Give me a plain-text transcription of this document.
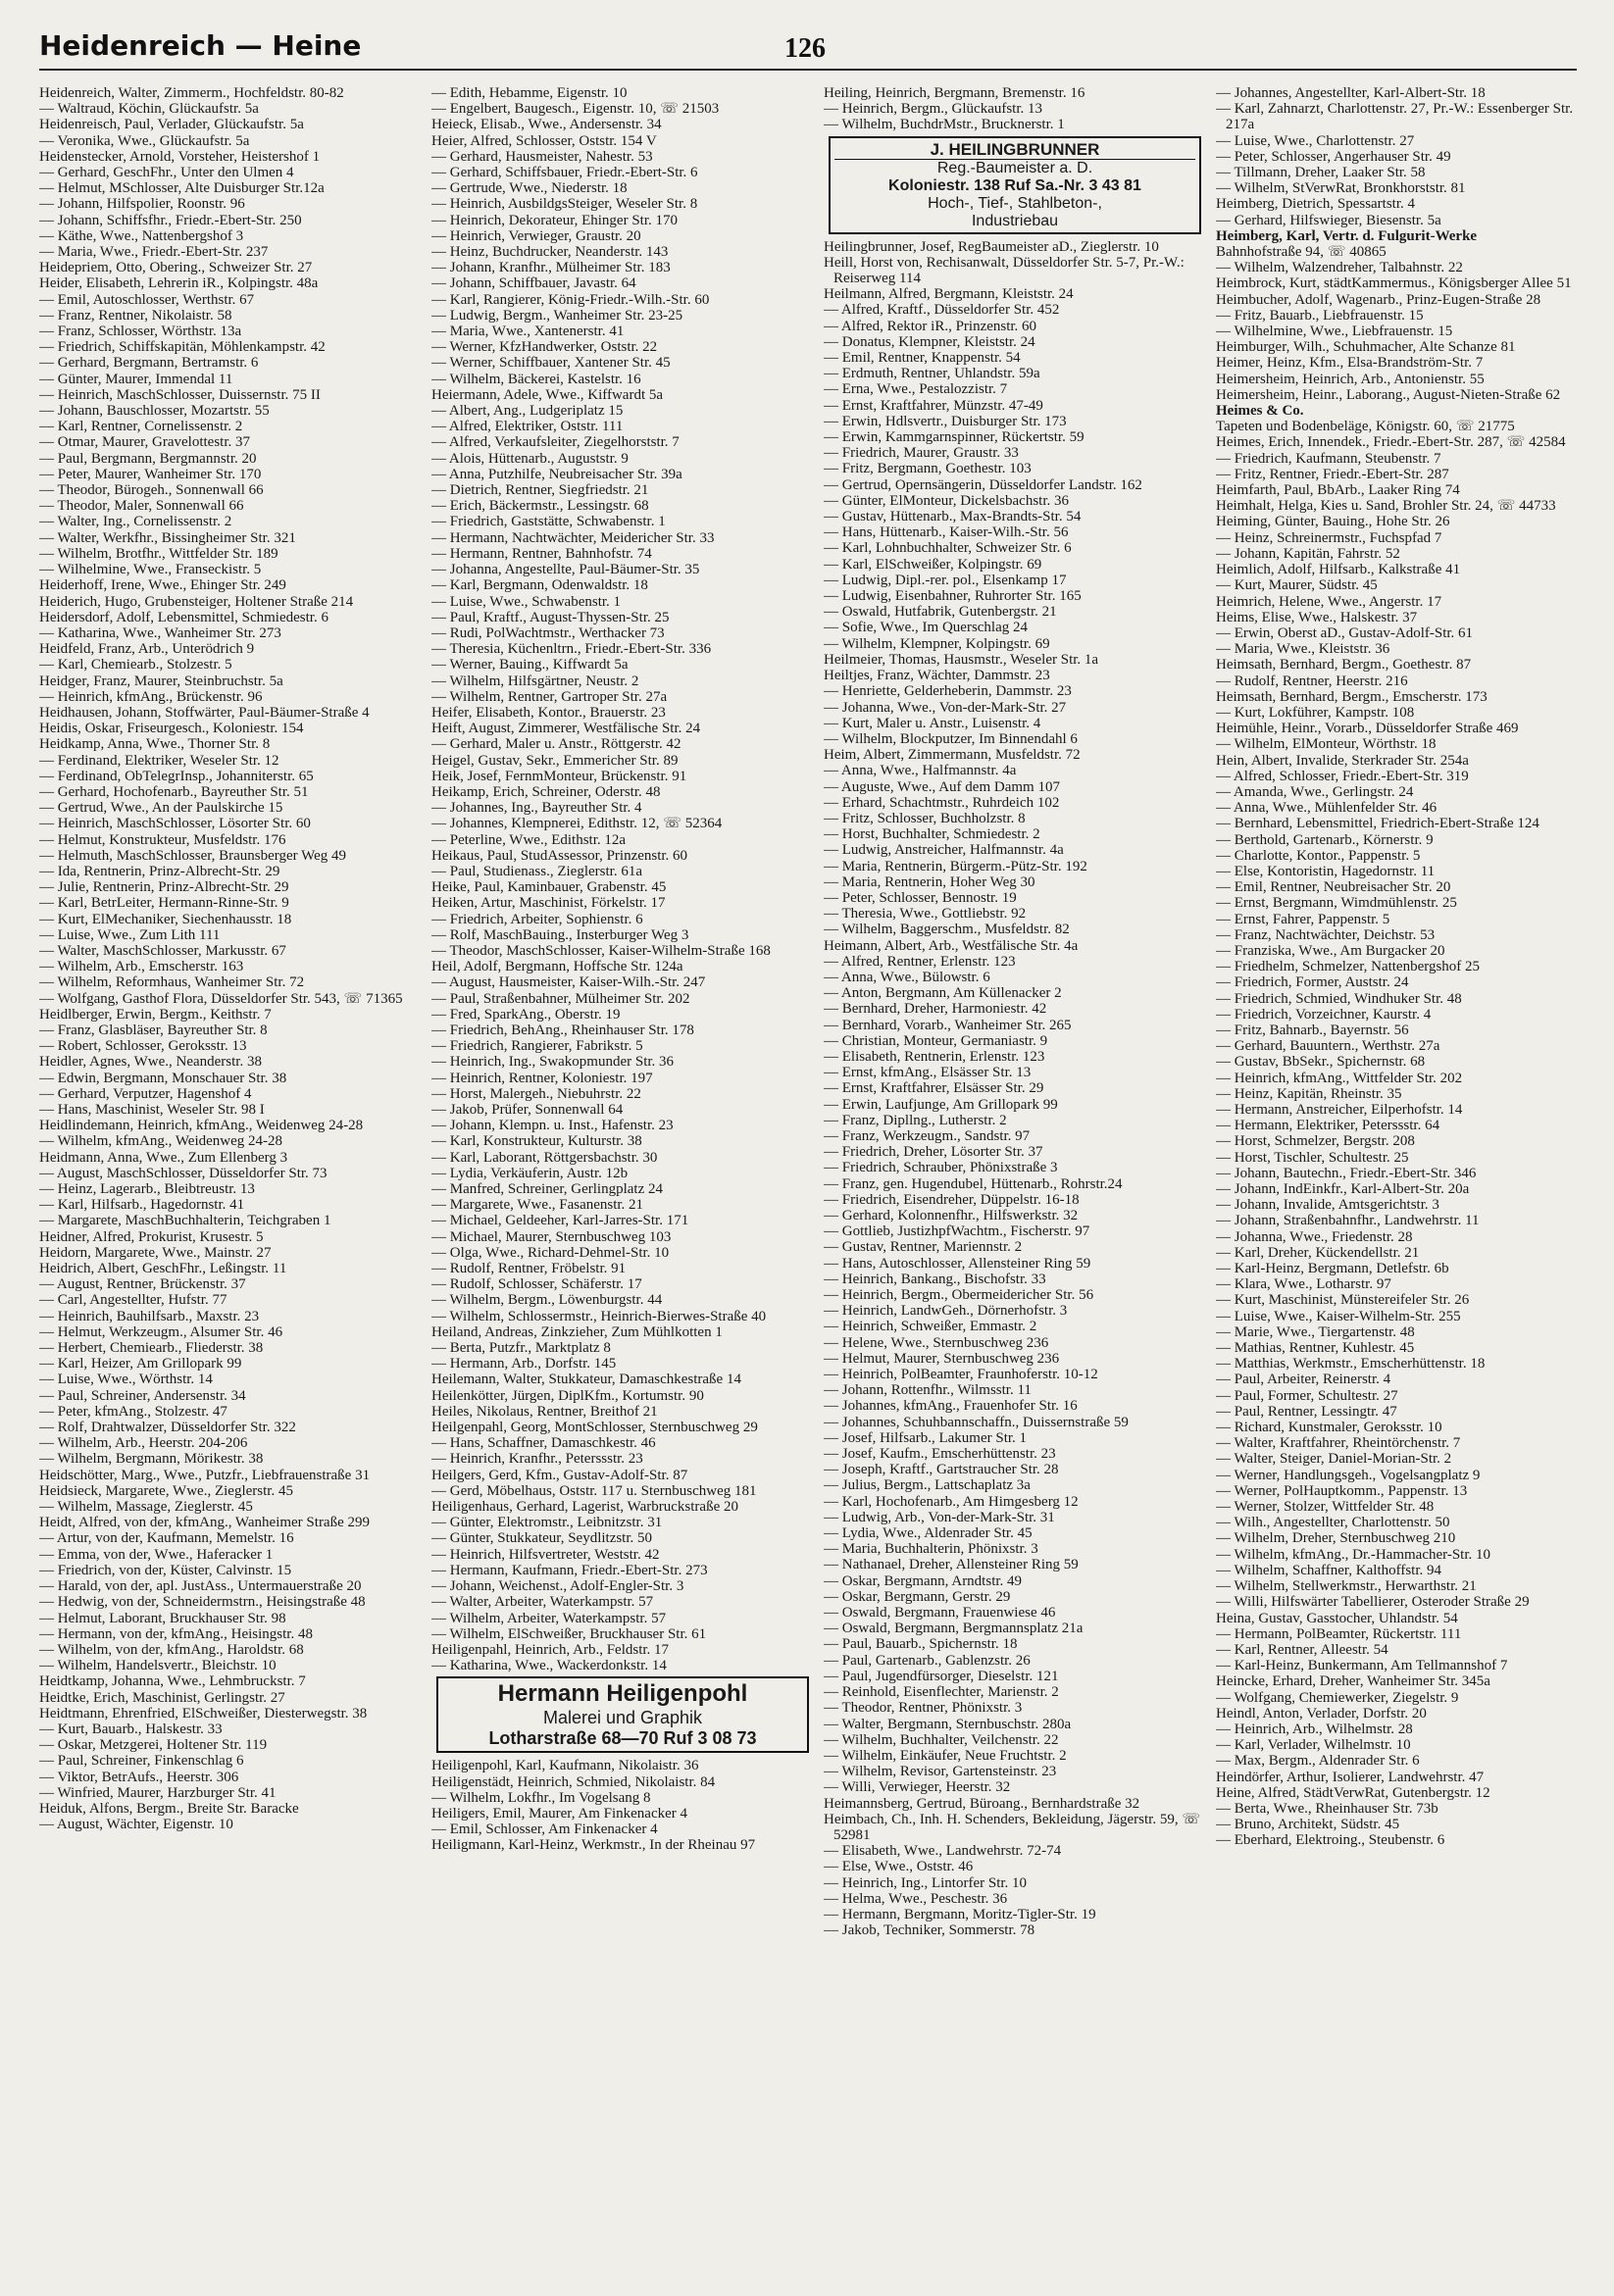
Heidenreich — Heine	126
Heidenreich, Walter, Zimmerm., Hochfeldstr. 80-82
— Waltraud, Köchin, Glückaufstr. 5a
Heidenreisch, Paul, Verlader, Glückaufstr. 5a
— Veronika, Wwe., Glückaufstr. 5a
Heidenstecker, Arnold, Vorsteher, Heistershof 1
— Gerhard, GeschFhr., Unter den Ulmen 4
— Helmut, MSchlosser, Alte Duisburger Str.12a
— Johann, Hilfspolier, Roonstr. 96
— Johann, Schiffsfhr., Friedr.-Ebert-Str. 250
— Käthe, Wwe., Nattenbergshof 3
— Maria, Wwe., Friedr.-Ebert-Str. 237
Heidepriem, Otto, Obering., Schweizer Str. 27
Heider, Elisabeth, Lehrerin iR., Kolpingstr. 48a
— Emil, Autoschlosser, Werthstr. 67
— Franz, Rentner, Nikolaistr. 58
— Franz, Schlosser, Wörthstr. 13a
— Friedrich, Schiffskapitän, Möhlenkampstr. 42
— Gerhard, Bergmann, Bertramstr. 6
— Günter, Maurer, Immendal 11
— Heinrich, MaschSchlosser, Duissernstr. 75 II
— Johann, Bauschlosser, Mozartstr. 55
— Karl, Rentner, Cornelissenstr. 2
— Otmar, Maurer, Gravelottestr. 37
— Paul, Bergmann, Bergmannstr. 20
— Peter, Maurer, Wanheimer Str. 170
— Theodor, Bürogeh., Sonnenwall 66
— Theodor, Maler, Sonnenwall 66
— Walter, Ing., Cornelissenstr. 2
— Walter, Werkfhr., Bissingheimer Str. 321
— Wilhelm, Brotfhr., Wittfelder Str. 189
— Wilhelmine, Wwe., Franseckistr. 5
Heiderhoff, Irene, Wwe., Ehinger Str. 249
Heiderich, Hugo, Grubensteiger, Holtener Straße 214
Heidersdorf, Adolf, Lebensmittel, Schmiedestr. 6
— Katharina, Wwe., Wanheimer Str. 273
Heidfeld, Franz, Arb., Unterödrich 9
— Karl, Chemiearb., Stolzestr. 5
Heidger, Franz, Maurer, Steinbruchstr. 5a
— Heinrich, kfmAng., Brückenstr. 96
Heidhausen, Johann, Stoffwärter, Paul-Bäumer-Straße 4
Heidis, Oskar, Friseurgesch., Koloniestr. 154
Heidkamp, Anna, Wwe., Thorner Str. 8
— Ferdinand, Elektriker, Weseler Str. 12
— Ferdinand, ObTelegrInsp., Johanniterstr. 65
— Gerhard, Hochofenarb., Bayreuther Str. 51
— Gertrud, Wwe., An der Paulskirche 15
— Heinrich, MaschSchlosser, Lösorter Str. 60
— Helmut, Konstrukteur, Musfeldstr. 176
— Helmuth, MaschSchlosser, Braunsberger Weg 49
— Ida, Rentnerin, Prinz-Albrecht-Str. 29
— Julie, Rentnerin, Prinz-Albrecht-Str. 29
— Karl, BetrLeiter, Hermann-Rinne-Str. 9
— Kurt, ElMechaniker, Siechenhausstr. 18
— Luise, Wwe., Zum Lith 111
— Walter, MaschSchlosser, Markusstr. 67
— Wilhelm, Arb., Emscherstr. 163
— Wilhelm, Reformhaus, Wanheimer Str. 72
— Wolfgang, Gasthof Flora, Düsseldorfer Str. 543, ☏ 71365
Heidlberger, Erwin, Bergm., Keithstr. 7
— Franz, Glasbläser, Bayreuther Str. 8
— Robert, Schlosser, Geroksstr. 13
Heidler, Agnes, Wwe., Neanderstr. 38
— Edwin, Bergmann, Monschauer Str. 38
— Gerhard, Verputzer, Hagenshof 4
— Hans, Maschinist, Weseler Str. 98 I
Heidlindemann, Heinrich, kfmAng., Weidenweg 24-28
— Wilhelm, kfmAng., Weidenweg 24-28
Heidmann, Anna, Wwe., Zum Ellenberg 3
— August, MaschSchlosser, Düsseldorfer Str. 73
— Heinz, Lagerarb., Bleibtreustr. 13
— Karl, Hilfsarb., Hagedornstr. 41
— Margarete, MaschBuchhalterin, Teichgraben 1
Heidner, Alfred, Prokurist, Krusestr. 5
Heidorn, Margarete, Wwe., Mainstr. 27
Heidrich, Albert, GeschFhr., Leßingstr. 11
— August, Rentner, Brückenstr. 37
— Carl, Angestellter, Hufstr. 77
— Heinrich, Bauhilfsarb., Maxstr. 23
— Helmut, Werkzeugm., Alsumer Str. 46
— Herbert, Chemiearb., Fliederstr. 38
— Karl, Heizer, Am Grillopark 99
— Luise, Wwe., Wörthstr. 14
— Paul, Schreiner, Andersenstr. 34
— Peter, kfmAng., Stolzestr. 47
— Rolf, Drahtwalzer, Düsseldorfer Str. 322
— Wilhelm, Arb., Heerstr. 204-206
— Wilhelm, Bergmann, Mörikestr. 38
Heidschötter, Marg., Wwe., Putzfr., Liebfrauenstraße 31
Heidsieck, Margarete, Wwe., Zieglerstr. 45
— Wilhelm, Massage, Zieglerstr. 45
Heidt, Alfred, von der, kfmAng., Wanheimer Straße 299
— Artur, von der, Kaufmann, Memelstr. 16
— Emma, von der, Wwe., Haferacker 1
— Friedrich, von der, Küster, Calvinstr. 15
— Harald, von der, apl. JustAss., Untermauerstraße 20
— Hedwig, von der, Schneidermstrn., Heisingstraße 48
— Helmut, Laborant, Bruckhauser Str. 98
— Hermann, von der, kfmAng., Heisingstr. 48
— Wilhelm, von der, kfmAng., Haroldstr. 68
— Wilhelm, Handelsvertr., Bleichstr. 10
Heidtkamp, Johanna, Wwe., Lehmbruckstr. 7
Heidtke, Erich, Maschinist, Gerlingstr. 27
Heidtmann, Ehrenfried, ElSchweißer, Diesterwegstr. 38
— Kurt, Bauarb., Halskestr. 33
— Oskar, Metzgerei, Holtener Str. 119
— Paul, Schreiner, Finkenschlag 6
— Viktor, BetrAufs., Heerstr. 306
— Winfried, Maurer, Harzburger Str. 41
Heiduk, Alfons, Bergm., Breite Str. Baracke
— August, Wächter, Eigenstr. 10
— Edith, Hebamme, Eigenstr. 10
— Engelbert, Baugesch., Eigenstr. 10, ☏ 21503
Heieck, Elisab., Wwe., Andersenstr. 34
Heier, Alfred, Schlosser, Oststr. 154 V
— Gerhard, Hausmeister, Nahestr. 53
— Gerhard, Schiffsbauer, Friedr.-Ebert-Str. 6
— Gertrude, Wwe., Niederstr. 18
— Heinrich, AusbildgsSteiger, Weseler Str. 8
— Heinrich, Dekorateur, Ehinger Str. 170
— Heinrich, Verwieger, Graustr. 20
— Heinz, Buchdrucker, Neanderstr. 143
— Johann, Kranfhr., Mülheimer Str. 183
— Johann, Schiffbauer, Javastr. 64
— Karl, Rangierer, König-Friedr.-Wilh.-Str. 60
— Ludwig, Bergm., Wanheimer Str. 23-25
— Maria, Wwe., Xantenerstr. 41
— Werner, KfzHandwerker, Oststr. 22
— Werner, Schiffbauer, Xantener Str. 45
— Wilhelm, Bäckerei, Kastelstr. 16
Heiermann, Adele, Wwe., Kiffwardt 5a
— Albert, Ang., Ludgeriplatz 15
— Alfred, Elektriker, Oststr. 111
— Alfred, Verkaufsleiter, Ziegelhorststr. 7
— Alois, Hüttenarb., Auguststr. 9
— Anna, Putzhilfe, Neubreisacher Str. 39a
— Dietrich, Rentner, Siegfriedstr. 21
— Erich, Bäckermstr., Lessingstr. 68
— Friedrich, Gaststätte, Schwabenstr. 1
— Hermann, Nachtwächter, Meidericher Str. 33
— Hermann, Rentner, Bahnhofstr. 74
— Johanna, Angestellte, Paul-Bäumer-Str. 35
— Karl, Bergmann, Odenwaldstr. 18
— Luise, Wwe., Schwabenstr. 1
— Paul, Kraftf., August-Thyssen-Str. 25
— Rudi, PolWachtmstr., Werthacker 73
— Theresia, Küchenltrn., Friedr.-Ebert-Str. 336
— Werner, Bauing., Kiffwardt 5a
— Wilhelm, Hilfsgärtner, Neustr. 2
— Wilhelm, Rentner, Gartroper Str. 27a
Heifer, Elisabeth, Kontor., Brauerstr. 23
Heift, August, Zimmerer, Westfälische Str. 24
— Gerhard, Maler u. Anstr., Röttgerstr. 42
Heigel, Gustav, Sekr., Emmericher Str. 89
Heik, Josef, FernmMonteur, Brückenstr. 91
Heikamp, Erich, Schreiner, Oderstr. 48
— Johannes, Ing., Bayreuther Str. 4
— Johannes, Klempnerei, Edithstr. 12, ☏ 52364
— Peterline, Wwe., Edithstr. 12a
Heikaus, Paul, StudAssessor, Prinzenstr. 60
— Paul, Studienass., Zieglerstr. 61a
Heike, Paul, Kaminbauer, Grabenstr. 45
Heiken, Artur, Maschinist, Förkelstr. 17
— Friedrich, Arbeiter, Sophienstr. 6
— Rolf, MaschBauing., Insterburger Weg 3
— Theodor, MaschSchlosser, Kaiser-Wilhelm-Straße 168
Heil, Adolf, Bergmann, Hoffsche Str. 124a
— August, Hausmeister, Kaiser-Wilh.-Str. 247
— Paul, Straßenbahner, Mülheimer Str. 202
— Fred, SparkAng., Oberstr. 19
— Friedrich, BehAng., Rheinhauser Str. 178
— Friedrich, Rangierer, Fabrikstr. 5
— Heinrich, Ing., Swakopmunder Str. 36
— Heinrich, Rentner, Koloniestr. 197
— Horst, Malergeh., Niebuhrstr. 22
— Jakob, Prüfer, Sonnenwall 64
— Johann, Klempn. u. Inst., Hafenstr. 23
— Karl, Konstrukteur, Kulturstr. 38
— Karl, Laborant, Röttgersbachstr. 30
— Lydia, Verkäuferin, Austr. 12b
— Manfred, Schreiner, Gerlingplatz 24
— Margarete, Wwe., Fasanenstr. 21
— Michael, Geldeeher, Karl-Jarres-Str. 171
— Michael, Maurer, Sternbuschweg 103
— Olga, Wwe., Richard-Dehmel-Str. 10
— Rudolf, Rentner, Fröbelstr. 91
— Rudolf, Schlosser, Schäferstr. 17
— Wilhelm, Bergm., Löwenburgstr. 44
— Wilhelm, Schlossermstr., Heinrich-Bierwes-Straße 40
Heiland, Andreas, Zinkzieher, Zum Mühlkotten 1
— Berta, Putzfr., Marktplatz 8
— Hermann, Arb., Dorfstr. 145
Heilemann, Walter, Stukkateur, Damaschkestraße 14
Heilenkötter, Jürgen, DiplKfm., Kortumstr. 90
Heiles, Nikolaus, Rentner, Breithof 21
Heilgenpahl, Georg, MontSchlosser, Sternbuschweg 29
— Hans, Schaffner, Damaschkestr. 46
— Heinrich, Kranfhr., Peterssstr. 23
Heilgers, Gerd, Kfm., Gustav-Adolf-Str. 87
— Gerd, Möbelhaus, Oststr. 117 u. Sternbuschweg 181
Heiligenhaus, Gerhard, Lagerist, Warbruckstraße 20
— Günter, Elektromstr., Leibnitzstr. 31
— Günter, Stukkateur, Seydlitzstr. 50
— Heinrich, Hilfsvertreter, Weststr. 42
— Hermann, Kaufmann, Friedr.-Ebert-Str. 273
— Johann, Weichenst., Adolf-Engler-Str. 3
— Walter, Arbeiter, Waterkampstr. 57
— Wilhelm, Arbeiter, Waterkampstr. 57
— Wilhelm, ElSchweißer, Bruckhauser Str. 61
Heiligenpahl, Heinrich, Arb., Feldstr. 17
— Katharina, Wwe., Wackerdonkstr. 14
Hermann Heiligenpohl
Malerei und Graphik
Lotharstraße 68—70 Ruf 3 08 73
Heiligenpohl, Karl, Kaufmann, Nikolaistr. 36
Heiligenstädt, Heinrich, Schmied, Nikolaistr. 84
— Wilhelm, Lokfhr., Im Vogelsang 8
Heiligers, Emil, Maurer, Am Finkenacker 4
— Emil, Schlosser, Am Finkenacker 4
Heiligmann, Karl-Heinz, Werkmstr., In der Rheinau 97
Heiling, Heinrich, Bergmann, Bremenstr. 16
— Heinrich, Bergm., Glückaufstr. 13
— Wilhelm, BuchdrMstr., Brucknerstr. 1
J. HEILINGBRUNNER
Reg.-Baumeister a. D.
Koloniestr. 138 Ruf Sa.-Nr. 3 43 81
Hoch-, Tief-, Stahlbeton-,
Industriebau
Heilingbrunner, Josef, RegBaumeister aD., Zieglerstr. 10
Heill, Horst von, Rechisanwalt, Düsseldorfer Str. 5-7, Pr.-W.: Reiserweg 114
Heilmann, Alfred, Bergmann, Kleiststr. 24
— Alfred, Kraftf., Düsseldorfer Str. 452
— Alfred, Rektor iR., Prinzenstr. 60
— Donatus, Klempner, Kleiststr. 24
— Emil, Rentner, Knappenstr. 54
— Erdmuth, Rentner, Uhlandstr. 59a
— Erna, Wwe., Pestalozzistr. 7
— Ernst, Kraftfahrer, Münzstr. 47-49
— Erwin, Hdlsvertr., Duisburger Str. 173
— Erwin, Kammgarnspinner, Rückertstr. 59
— Friedrich, Maurer, Graustr. 33
— Fritz, Bergmann, Goethestr. 103
— Gertrud, Opernsängerin, Düsseldorfer Landstr. 162
— Günter, ElMonteur, Dickelsbachstr. 36
— Gustav, Hüttenarb., Max-Brandts-Str. 54
— Hans, Hüttenarb., Kaiser-Wilh.-Str. 56
— Karl, Lohnbuchhalter, Schweizer Str. 6
— Karl, ElSchweißer, Kolpingstr. 69
— Ludwig, Dipl.-rer. pol., Elsenkamp 17
— Ludwig, Eisenbahner, Ruhrorter Str. 165
— Oswald, Hutfabrik, Gutenbergstr. 21
— Sofie, Wwe., Im Querschlag 24
— Wilhelm, Klempner, Kolpingstr. 69
Heilmeier, Thomas, Hausmstr., Weseler Str. 1a
Heiltjes, Franz, Wächter, Dammstr. 23
— Henriette, Gelderheberin, Dammstr. 23
— Johanna, Wwe., Von-der-Mark-Str. 27
— Kurt, Maler u. Anstr., Luisenstr. 4
— Wilhelm, Blockputzer, Im Binnendahl 6
Heim, Albert, Zimmermann, Musfeldstr. 72
— Anna, Wwe., Halfmannstr. 4a
— Auguste, Wwe., Auf dem Damm 107
— Erhard, Schachtmstr., Ruhrdeich 102
— Fritz, Schlosser, Buchholzstr. 8
— Horst, Buchhalter, Schmiedestr. 2
— Ludwig, Anstreicher, Halfmannstr. 4a
— Maria, Rentnerin, Bürgerm.-Pütz-Str. 192
— Maria, Rentnerin, Hoher Weg 30
— Peter, Schlosser, Bennostr. 19
— Theresia, Wwe., Gottliebstr. 92
— Wilhelm, Baggerschm., Musfeldstr. 82
Heimann, Albert, Arb., Westfälische Str. 4a
— Alfred, Rentner, Erlenstr. 123
— Anna, Wwe., Bülowstr. 6
— Anton, Bergmann, Am Küllenacker 2
— Bernhard, Dreher, Harmoniestr. 42
— Bernhard, Vorarb., Wanheimer Str. 265
— Christian, Monteur, Germaniastr. 9
— Elisabeth, Rentnerin, Erlenstr. 123
— Ernst, kfmAng., Elsässer Str. 13
— Ernst, Kraftfahrer, Elsässer Str. 29
— Erwin, Laufjunge, Am Grillopark 99
— Franz, Dipllng., Lutherstr. 2
— Franz, Werkzeugm., Sandstr. 97
— Friedrich, Dreher, Lösorter Str. 37
— Friedrich, Schrauber, Phönixstraße 3
— Franz, gen. Hugendubel, Hüttenarb., Rohrstr.24
— Friedrich, Eisendreher, Düppelstr. 16-18
— Gerhard, Kolonnenfhr., Hilfswerkstr. 32
— Gottlieb, JustizhpfWachtm., Fischerstr. 97
— Gustav, Rentner, Mariennstr. 2
— Hans, Autoschlosser, Allensteiner Ring 59
— Heinrich, Bankang., Bischofstr. 33
— Heinrich, Bergm., Obermeidericher Str. 56
— Heinrich, LandwGeh., Dörnerhofstr. 3
— Heinrich, Schweißer, Emmastr. 2
— Helene, Wwe., Sternbuschweg 236
— Helmut, Maurer, Sternbuschweg 236
— Heinrich, PolBeamter, Fraunhoferstr. 10-12
— Johann, Rottenfhr., Wilmsstr. 11
— Johannes, kfmAng., Frauenhofer Str. 16
— Johannes, Schuhbannschaffn., Duissernstraße 59
— Josef, Hilfsarb., Lakumer Str. 1
— Josef, Kaufm., Emscherhüttenstr. 23
— Joseph, Kraftf., Gartstraucher Str. 28
— Julius, Bergm., Lattschaplatz 3a
— Karl, Hochofenarb., Am Himgesberg 12
— Ludwig, Arb., Von-der-Mark-Str. 31
— Lydia, Wwe., Aldenrader Str. 45
— Maria, Buchhalterin, Phönixstr. 3
— Nathanael, Dreher, Allensteiner Ring 59
— Oskar, Bergmann, Arndtstr. 49
— Oskar, Bergmann, Gerstr. 29
— Oswald, Bergmann, Frauenwiese 46
— Oswald, Bergmann, Bergmannsplatz 21a
— Paul, Bauarb., Spichernstr. 18
— Paul, Gartenarb., Gablenzstr. 26
— Paul, Jugendfürsorger, Dieselstr. 121
— Reinhold, Eisenflechter, Marienstr. 2
— Theodor, Rentner, Phönixstr. 3
— Walter, Bergmann, Sternbuschstr. 280a
— Wilhelm, Buchhalter, Veilchenstr. 22
— Wilhelm, Einkäufer, Neue Fruchtstr. 2
— Wilhelm, Revisor, Gartensteinstr. 23
— Willi, Verwieger, Heerstr. 32
Heimannsberg, Gertrud, Büroang., Bernhardstraße 32
Heimbach, Ch., Inh. H. Schenders, Bekleidung, Jägerstr. 59, ☏ 52981
— Elisabeth, Wwe., Landwehrstr. 72-74
— Else, Wwe., Oststr. 46
— Heinrich, Ing., Lintorfer Str. 10
— Helma, Wwe., Peschestr. 36
— Hermann, Bergmann, Moritz-Tigler-Str. 19
— Jakob, Techniker, Sommerstr. 78
— Johannes, Angestellter, Karl-Albert-Str. 18
— Karl, Zahnarzt, Charlottenstr. 27, Pr.-W.: Essenberger Str. 217a
— Luise, Wwe., Charlottenstr. 27
— Peter, Schlosser, Angerhauser Str. 49
— Tillmann, Dreher, Laaker Str. 58
— Wilhelm, StVerwRat, Bronkhorststr. 81
Heimberg, Dietrich, Spessartstr. 4
— Gerhard, Hilfswieger, Biesenstr. 5a
Heimberg, Karl, Vertr. d. Fulgurit-Werke
Bahnhofstraße 94, ☏ 40865
— Wilhelm, Walzendreher, Talbahnstr. 22
Heimbrock, Kurt, städtKammermus., Königsberger Allee 51
Heimbucher, Adolf, Wagenarb., Prinz-Eugen-Straße 28
— Fritz, Bauarb., Liebfrauenstr. 15
— Wilhelmine, Wwe., Liebfrauenstr. 15
Heimburger, Wilh., Schuhmacher, Alte Schanze 81
Heimer, Heinz, Kfm., Elsa-Brandström-Str. 7
Heimersheim, Heinrich, Arb., Antonienstr. 55
Heimersheim, Heinr., Laborang., August-Nieten-Straße 62
Heimes & Co.
Tapeten und Bodenbeläge, Königstr. 60, ☏ 21775
Heimes, Erich, Innendek., Friedr.-Ebert-Str. 287, ☏ 42584
— Friedrich, Kaufmann, Steubenstr. 7
— Fritz, Rentner, Friedr.-Ebert-Str. 287
Heimfarth, Paul, BbArb., Laaker Ring 74
Heimhalt, Helga, Kies u. Sand, Brohler Str. 24, ☏ 44733
Heiming, Günter, Bauing., Hohe Str. 26
— Heinz, Schreinermstr., Fuchspfad 7
— Johann, Kapitän, Fahrstr. 52
Heimlich, Adolf, Hilfsarb., Kalkstraße 41
— Kurt, Maurer, Südstr. 45
Heimrich, Helene, Wwe., Angerstr. 17
Heims, Elise, Wwe., Halskestr. 37
— Erwin, Oberst aD., Gustav-Adolf-Str. 61
— Maria, Wwe., Kleiststr. 36
Heimsath, Bernhard, Bergm., Goethestr. 87
— Rudolf, Rentner, Heerstr. 216
Heimsath, Bernhard, Bergm., Emscherstr. 173
— Kurt, Lokführer, Kampstr. 108
Heimühle, Heinr., Vorarb., Düsseldorfer Straße 469
— Wilhelm, ElMonteur, Wörthstr. 18
Hein, Albert, Invalide, Sterkrader Str. 254a
— Alfred, Schlosser, Friedr.-Ebert-Str. 319
— Amanda, Wwe., Gerlingstr. 24
— Anna, Wwe., Mühlenfelder Str. 46
— Bernhard, Lebensmittel, Friedrich-Ebert-Straße 124
— Berthold, Gartenarb., Körnerstr. 9
— Charlotte, Kontor., Pappenstr. 5
— Else, Kontoristin, Hagedornstr. 11
— Emil, Rentner, Neubreisacher Str. 20
— Ernst, Bergmann, Wimdmühlenstr. 25
— Ernst, Fahrer, Pappenstr. 5
— Franz, Nachtwächter, Deichstr. 53
— Franziska, Wwe., Am Burgacker 20
— Friedhelm, Schmelzer, Nattenbergshof 25
— Friedrich, Former, Auststr. 24
— Friedrich, Schmied, Windhuker Str. 48
— Friedrich, Vorzeichner, Kaurstr. 4
— Fritz, Bahnarb., Bayernstr. 56
— Gerhard, Bauuntern., Werthstr. 27a
— Gustav, BbSekr., Spichernstr. 68
— Heinrich, kfmAng., Wittfelder Str. 202
— Heinz, Kapitän, Rheinstr. 35
— Hermann, Anstreicher, Eilperhofstr. 14
— Hermann, Elektriker, Peterssstr. 64
— Horst, Schmelzer, Bergstr. 208
— Horst, Tischler, Schultestr. 25
— Johann, Bautechn., Friedr.-Ebert-Str. 346
— Johann, IndEinkfr., Karl-Albert-Str. 20a
— Johann, Invalide, Amtsgerichtstr. 3
— Johann, Straßenbahnfhr., Landwehrstr. 11
— Johanna, Wwe., Friedenstr. 28
— Karl, Dreher, Kückendellstr. 21
— Karl-Heinz, Bergmann, Detlefstr. 6b
— Klara, Wwe., Lotharstr. 97
— Kurt, Maschinist, Münstereifeler Str. 26
— Luise, Wwe., Kaiser-Wilhelm-Str. 255
— Marie, Wwe., Tiergartenstr. 48
— Mathias, Rentner, Kuhlestr. 45
— Matthias, Werkmstr., Emscherhüttenstr. 18
— Paul, Arbeiter, Reinerstr. 4
— Paul, Former, Schultestr. 27
— Paul, Rentner, Lessingtr. 47
— Richard, Kunstmaler, Geroksstr. 10
— Walter, Kraftfahrer, Rheintörchenstr. 7
— Walter, Steiger, Daniel-Morian-Str. 2
— Werner, Handlungsgeh., Vogelsangplatz 9
— Werner, PolHauptkomm., Pappenstr. 13
— Werner, Stolzer, Wittfelder Str. 48
— Wilh., Angestellter, Charlottenstr. 50
— Wilhelm, Dreher, Sternbuschweg 210
— Wilhelm, kfmAng., Dr.-Hammacher-Str. 10
— Wilhelm, Schaffner, Kalthoffstr. 94
— Wilhelm, Stellwerkmstr., Herwarthstr. 21
— Willi, Hilfswärter Tabellierer, Osteroder Straße 29
Heina, Gustav, Gasstocher, Uhlandstr. 54
— Hermann, PolBeamter, Rückertstr. 111
— Karl, Rentner, Alleestr. 54
— Karl-Heinz, Bunkermann, Am Tellmannshof 7
Heincke, Erhard, Dreher, Wanheimer Str. 345a
— Wolfgang, Chemiewerker, Ziegelstr. 9
Heindl, Anton, Verlader, Dorfstr. 20
— Heinrich, Arb., Wilhelmstr. 28
— Karl, Verlader, Wilhelmstr. 10
— Max, Bergm., Aldenrader Str. 6
Heindörfer, Arthur, Isolierer, Landwehrstr. 47
Heine, Alfred, StädtVerwRat, Gutenbergstr. 12
— Berta, Wwe., Rheinhauser Str. 73b
— Bruno, Architekt, Südstr. 45
— Eberhard, Elektroing., Steubenstr. 6
